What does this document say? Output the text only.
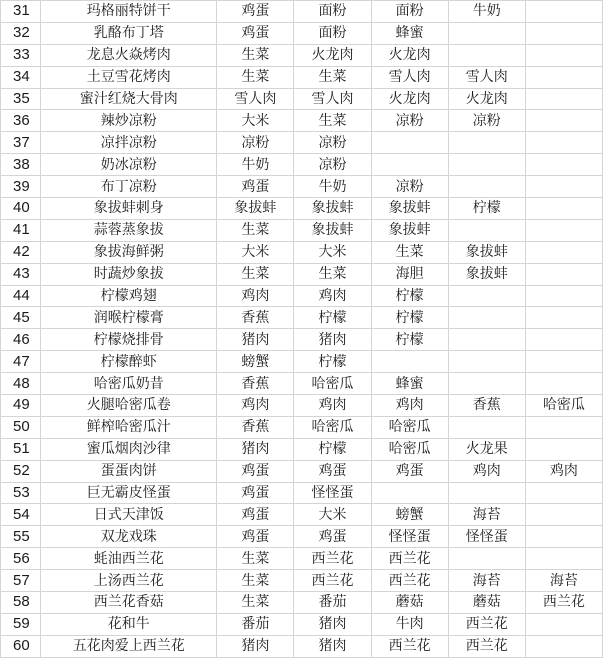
31	玛格丽特饼干	鸡蛋	面粉	面粉	牛奶	
32	乳酪布丁塔	鸡蛋	面粉	蜂蜜		
33	龙息火焱烤肉	生菜	火龙肉	火龙肉		
34	土豆雪花烤肉	生菜	生菜	雪人肉	雪人肉	
35	蜜汁红烧大骨肉	雪人肉	雪人肉	火龙肉	火龙肉	
36	辣炒凉粉	大米	生菜	凉粉	凉粉	
37	凉拌凉粉	凉粉	凉粉			
38	奶冰凉粉	牛奶	凉粉			
39	布丁凉粉	鸡蛋	牛奶	凉粉		
40	象拔蚌刺身	象拔蚌	象拔蚌	象拔蚌	柠檬	
41	蒜蓉蒸象拔	生菜	象拔蚌	象拔蚌		
42	象拔海鲜粥	大米	大米	生菜	象拔蚌	
43	时蔬炒象拔	生菜	生菜	海胆	象拔蚌	
44	柠檬鸡翅	鸡肉	鸡肉	柠檬		
45	润喉柠檬膏	香蕉	柠檬	柠檬		
46	柠檬烧排骨	猪肉	猪肉	柠檬		
47	柠檬醉虾	螃蟹	柠檬			
48	哈密瓜奶昔	香蕉	哈密瓜	蜂蜜		
49	火腿哈密瓜卷	鸡肉	鸡肉	鸡肉	香蕉	哈密瓜
50	鲜榨哈密瓜汁	香蕉	哈密瓜	哈密瓜		
51	蜜瓜烟肉沙律	猪肉	柠檬	哈密瓜	火龙果	
52	蛋蛋肉饼	鸡蛋	鸡蛋	鸡蛋	鸡肉	鸡肉
53	巨无霸皮怪蛋	鸡蛋	怪怪蛋			
54	日式天津饭	鸡蛋	大米	螃蟹	海苔	
55	双龙戏珠	鸡蛋	鸡蛋	怪怪蛋	怪怪蛋	
56	蚝油西兰花	生菜	西兰花	西兰花		
57	上汤西兰花	生菜	西兰花	西兰花	海苔	海苔
58	西兰花香菇	生菜	番茄	蘑菇	蘑菇	西兰花
59	花和牛	番茄	猪肉	牛肉	西兰花	
60	五花肉爱上西兰花	猪肉	猪肉	西兰花	西兰花	
